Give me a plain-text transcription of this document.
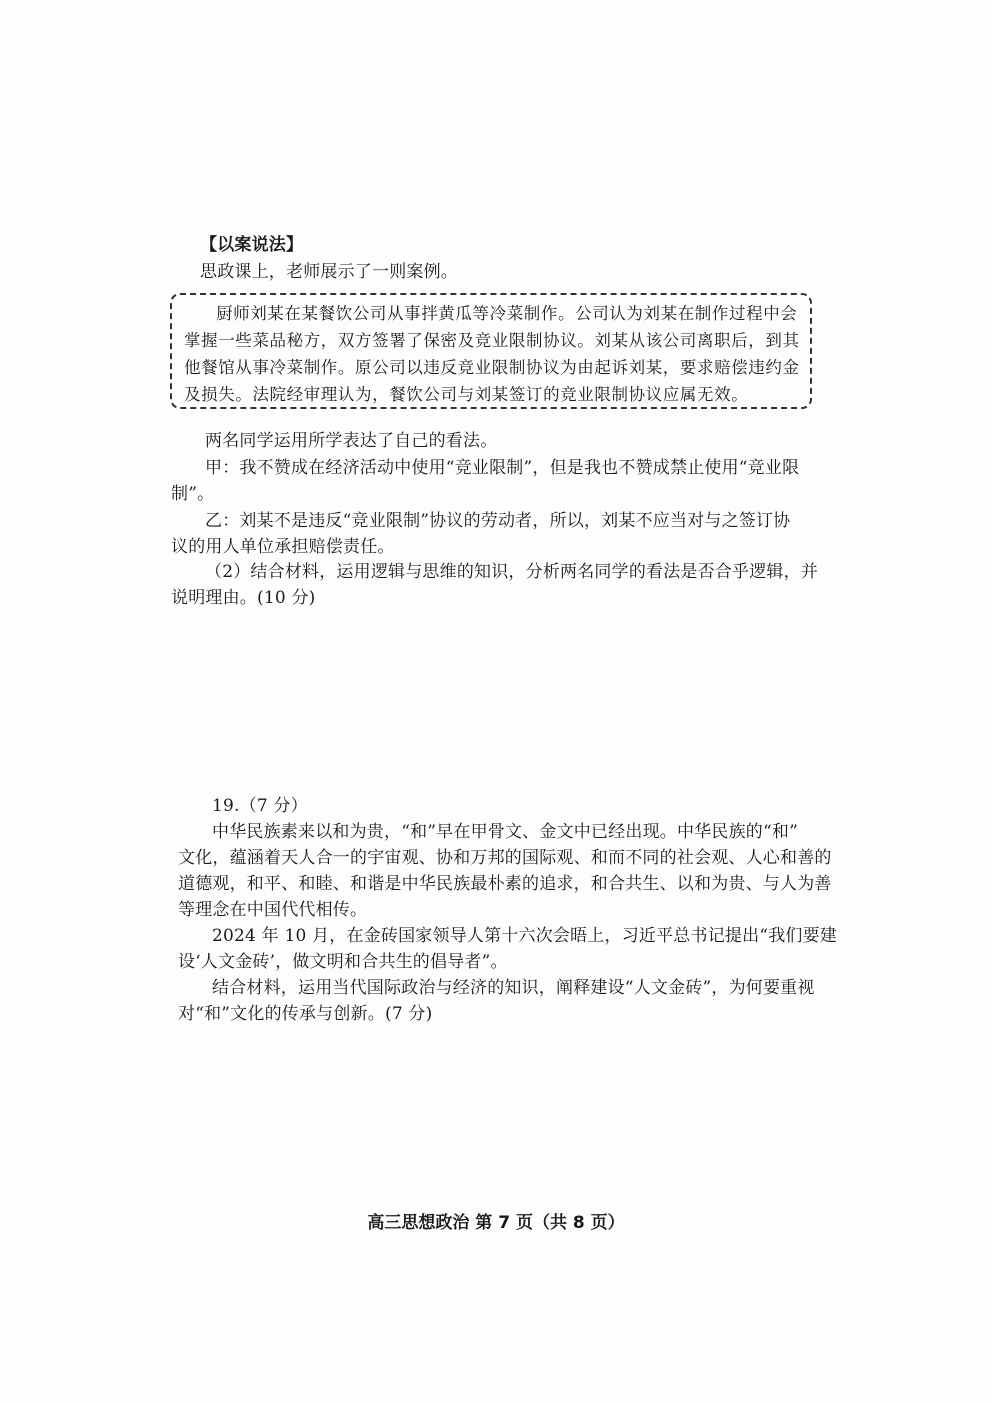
【以案说法】
思政课上，老师展示了一则案例。
厨师刘某在某餐饮公司从事拌黄瓜等冷菜制作。公司认为刘某在制作过程中会
掌握一些菜品秘方，双方签署了保密及竞业限制协议。刘某从该公司离职后，到其
他餐馆从事冷菜制作。原公司以违反竞业限制协议为由起诉刘某，要求赔偿违约金
及损失。法院经审理认为，餐饮公司与刘某签订的竞业限制协议应属无效。
两名同学运用所学表达了自己的看法。
甲：我不赞成在经济活动中使用“竞业限制”，但是我也不赞成禁止使用“竞业限
制”。
乙：刘某不是违反“竞业限制”协议的劳动者，所以，刘某不应当对与之签订协
议的用人单位承担赔偿责任。
（2）结合材料，运用逻辑与思维的知识，分析两名同学的看法是否合乎逻辑，并
说明理由。(10 分)
19.（7 分）
中华民族素来以和为贵，“和”早在甲骨文、金文中已经出现。中华民族的“和”
文化，蕴涵着天人合一的宇宙观、协和万邦的国际观、和而不同的社会观、人心和善的
道德观，和平、和睦、和谐是中华民族最朴素的追求，和合共生、以和为贵、与人为善
等理念在中国代代相传。
2024 年 10 月，在金砖国家领导人第十六次会晤上，习近平总书记提出“我们要建
设‘人文金砖’，做文明和合共生的倡导者”。
结合材料，运用当代国际政治与经济的知识，阐释建设“人文金砖”，为何要重视
对“和”文化的传承与创新。(7 分)
高三思想政治 第 7 页（共 8 页）
